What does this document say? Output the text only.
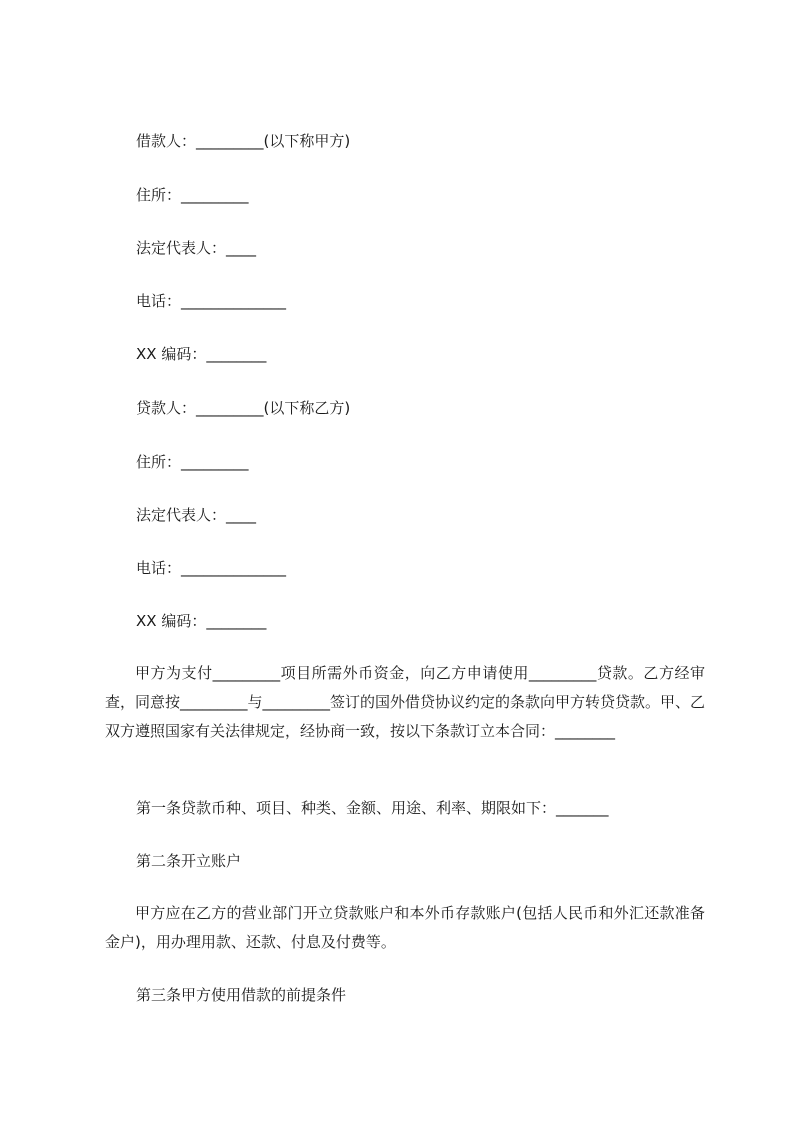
借款人：_________(以下称甲方)
住所：_________
法定代表人：____
电话：______________
XX 编码：________
贷款人：_________(以下称乙方)
住所：_________
法定代表人：____
电话：______________
XX 编码：________
甲方为支付_________项目所需外币资金，向乙方申请使用_________贷款。乙方经审查，同意按_________与_________签订的国外借贷协议约定的条款向甲方转贷贷款。甲、乙双方遵照国家有关法律规定，经协商一致，按以下条款订立本合同：________
第一条贷款币种、项目、种类、金额、用途、利率、期限如下：_______
第二条开立账户
甲方应在乙方的营业部门开立贷款账户和本外币存款账户(包括人民币和外汇还款准备金户)，用办理用款、还款、付息及付费等。
第三条甲方使用借款的前提条件
